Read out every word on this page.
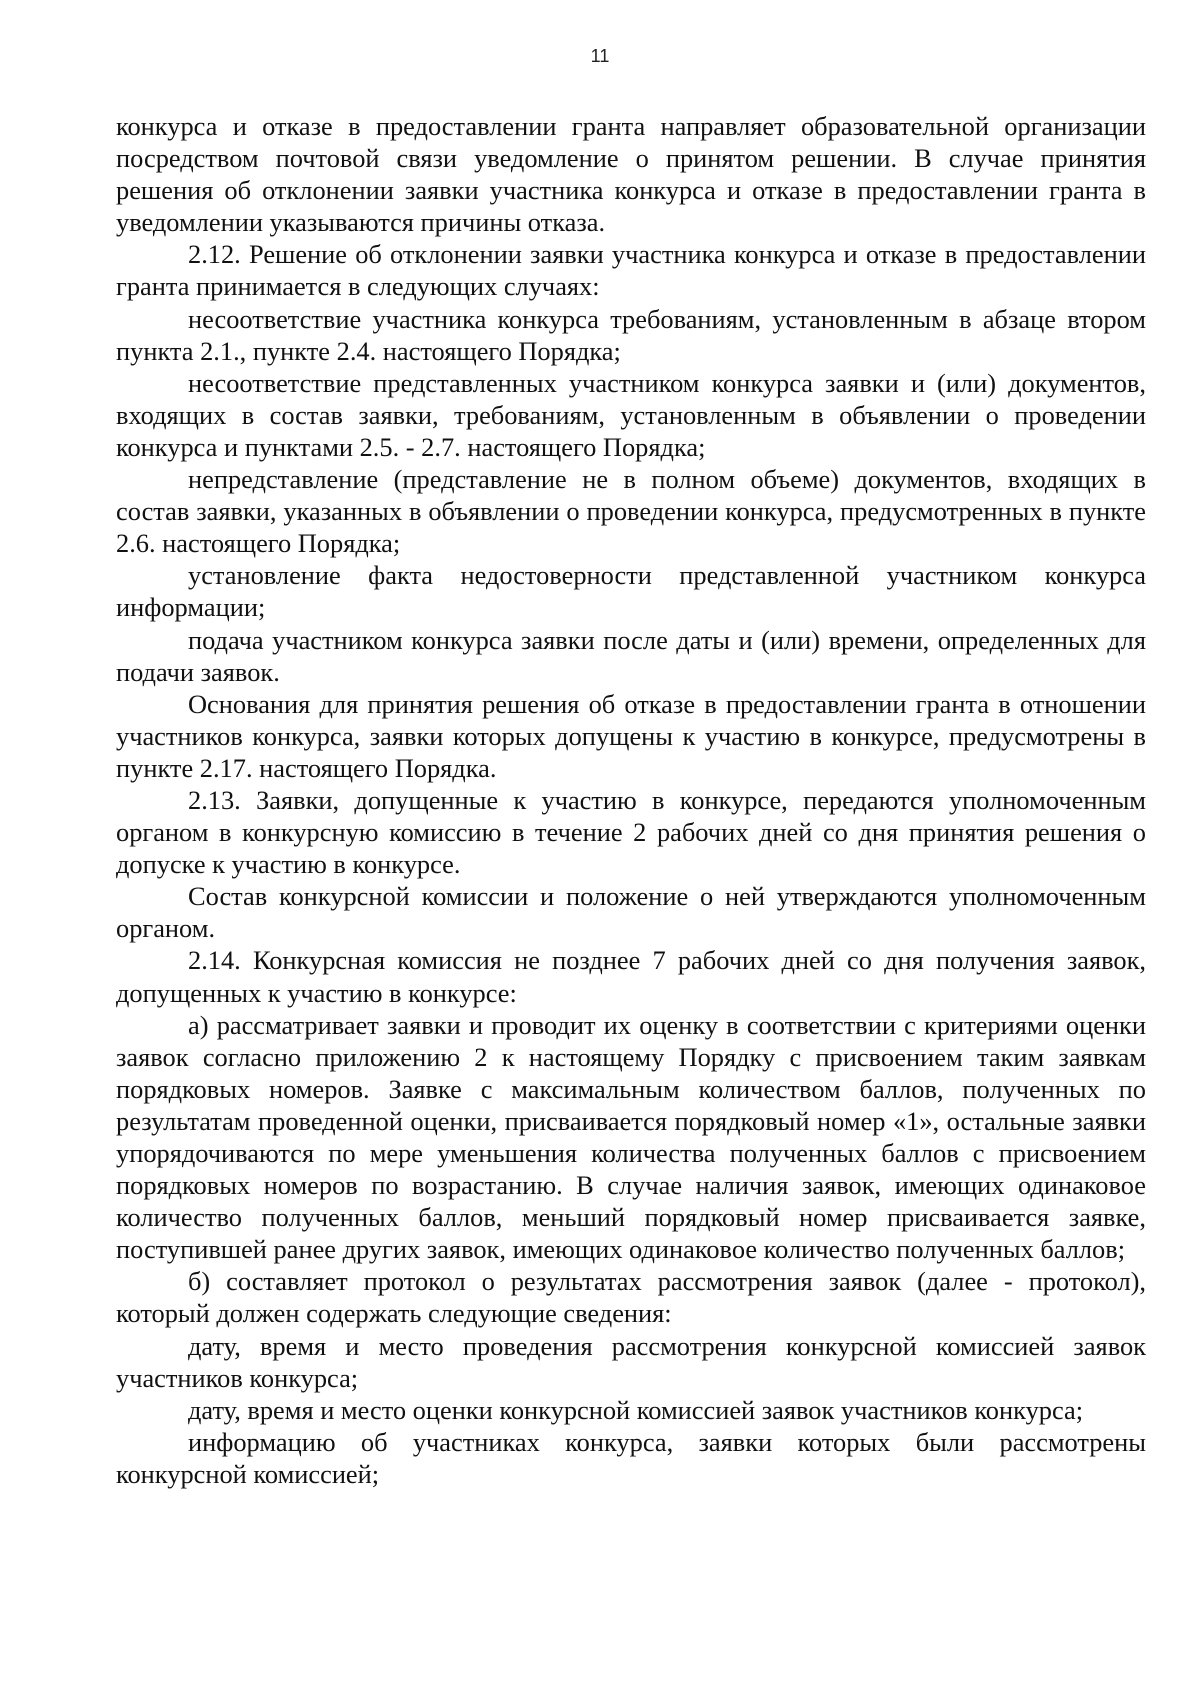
11

конкурса и отказе в предоставлении гранта направляет образовательной организации посредством почтовой связи уведомление о принятом решении. В случае принятия решения об отклонении заявки участника конкурса и отказе в предоставлении гранта в уведомлении указываются причины отказа.

2.12. Решение об отклонении заявки участника конкурса и отказе в предоставлении гранта принимается в следующих случаях:

несоответствие участника конкурса требованиям, установленным в абзаце втором пункта 2.1., пункте 2.4. настоящего Порядка;

несоответствие представленных участником конкурса заявки и (или) документов, входящих в состав заявки, требованиям, установленным в объявлении о проведении конкурса и пунктами 2.5. - 2.7. настоящего Порядка;

непредставление (представление не в полном объеме) документов, входящих в состав заявки, указанных в объявлении о проведении конкурса, предусмотренных в пункте 2.6. настоящего Порядка;

установление факта недостоверности представленной участником конкурса информации;

подача участником конкурса заявки после даты и (или) времени, определенных для подачи заявок.

Основания для принятия решения об отказе в предоставлении гранта в отношении участников конкурса, заявки которых допущены к участию в конкурсе, предусмотрены в пункте 2.17. настоящего Порядка.

2.13. Заявки, допущенные к участию в конкурсе, передаются уполномоченным органом в конкурсную комиссию в течение 2 рабочих дней со дня принятия решения о допуске к участию в конкурсе.

Состав конкурсной комиссии и положение о ней утверждаются уполномоченным органом.

2.14. Конкурсная комиссия не позднее 7 рабочих дней со дня получения заявок, допущенных к участию в конкурсе:

а) рассматривает заявки и проводит их оценку в соответствии с критериями оценки заявок согласно приложению 2 к настоящему Порядку с присвоением таким заявкам порядковых номеров. Заявке с максимальным количеством баллов, полученных по результатам проведенной оценки, присваивается порядковый номер «1», остальные заявки упорядочиваются по мере уменьшения количества полученных баллов с присвоением порядковых номеров по возрастанию. В случае наличия заявок, имеющих одинаковое количество полученных баллов, меньший порядковый номер присваивается заявке, поступившей ранее других заявок, имеющих одинаковое количество полученных баллов;

б) составляет протокол о результатах рассмотрения заявок (далее - протокол), который должен содержать следующие сведения:

дату, время и место проведения рассмотрения конкурсной комиссией заявок участников конкурса;

дату, время и место оценки конкурсной комиссией заявок участников конкурса;

информацию об участниках конкурса, заявки которых были рассмотрены конкурсной комиссией;
